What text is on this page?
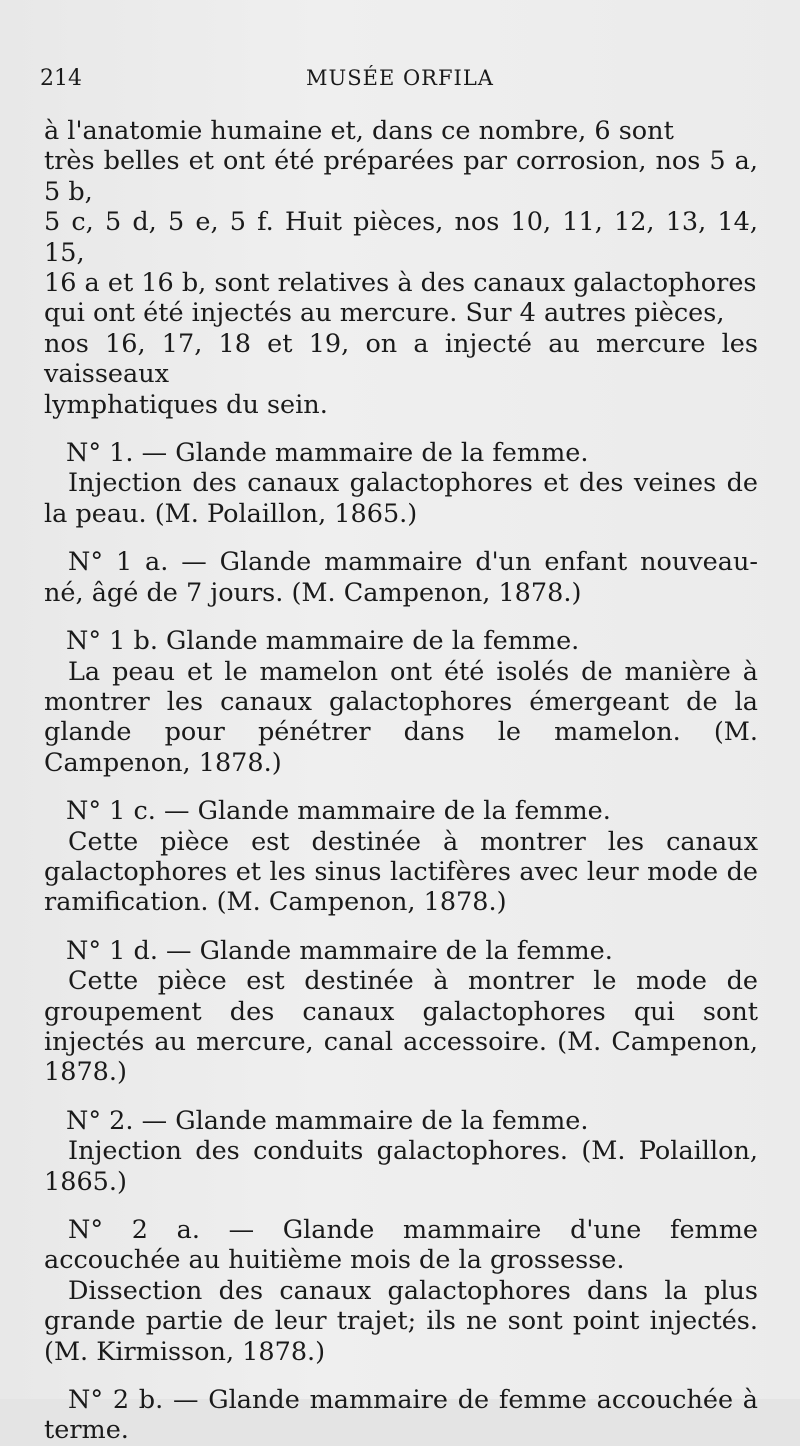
214	MUSÉE ORFILA
à l'anatomie humaine et, dans ce nombre, 6 sont
très belles et ont été préparées par corrosion, nos 5 a, 5 b,
5 c, 5 d, 5 e, 5 f. Huit pièces, nos 10, 11, 12, 13, 14, 15,
16 a et 16 b, sont relatives à des canaux galactophores
qui ont été injectés au mercure. Sur 4 autres pièces,
nos 16, 17, 18 et 19, on a injecté au mercure les vaisseaux
lymphatiques du sein.

N° 1. — Glande mammaire de la femme.

Injection des canaux galactophores et des veines de la peau. (M. Polaillon, 1865.)

N° 1 a. — Glande mammaire d'un enfant nouveau-né, âgé de 7 jours. (M. Campenon, 1878.)

N° 1 b. Glande mammaire de la femme.

La peau et le mamelon ont été isolés de manière à montrer les canaux galactophores émergeant de la glande pour pénétrer dans le mamelon. (M. Campenon, 1878.)

N° 1 c. — Glande mammaire de la femme.

Cette pièce est destinée à montrer les canaux galactophores et les sinus lactifères avec leur mode de ramification. (M. Campenon, 1878.)

N° 1 d. — Glande mammaire de la femme.

Cette pièce est destinée à montrer le mode de groupement des canaux galactophores qui sont injectés au mercure, canal accessoire. (M. Campenon, 1878.)

N° 2. — Glande mammaire de la femme.

Injection des conduits galactophores. (M. Polaillon, 1865.)

N° 2 a. — Glande mammaire d'une femme accouchée au huitième mois de la grossesse.

Dissection des canaux galactophores dans la plus grande partie de leur trajet; ils ne sont point injectés. (M. Kirmisson, 1878.)

N° 2 b. — Glande mammaire de femme accouchée à terme.
